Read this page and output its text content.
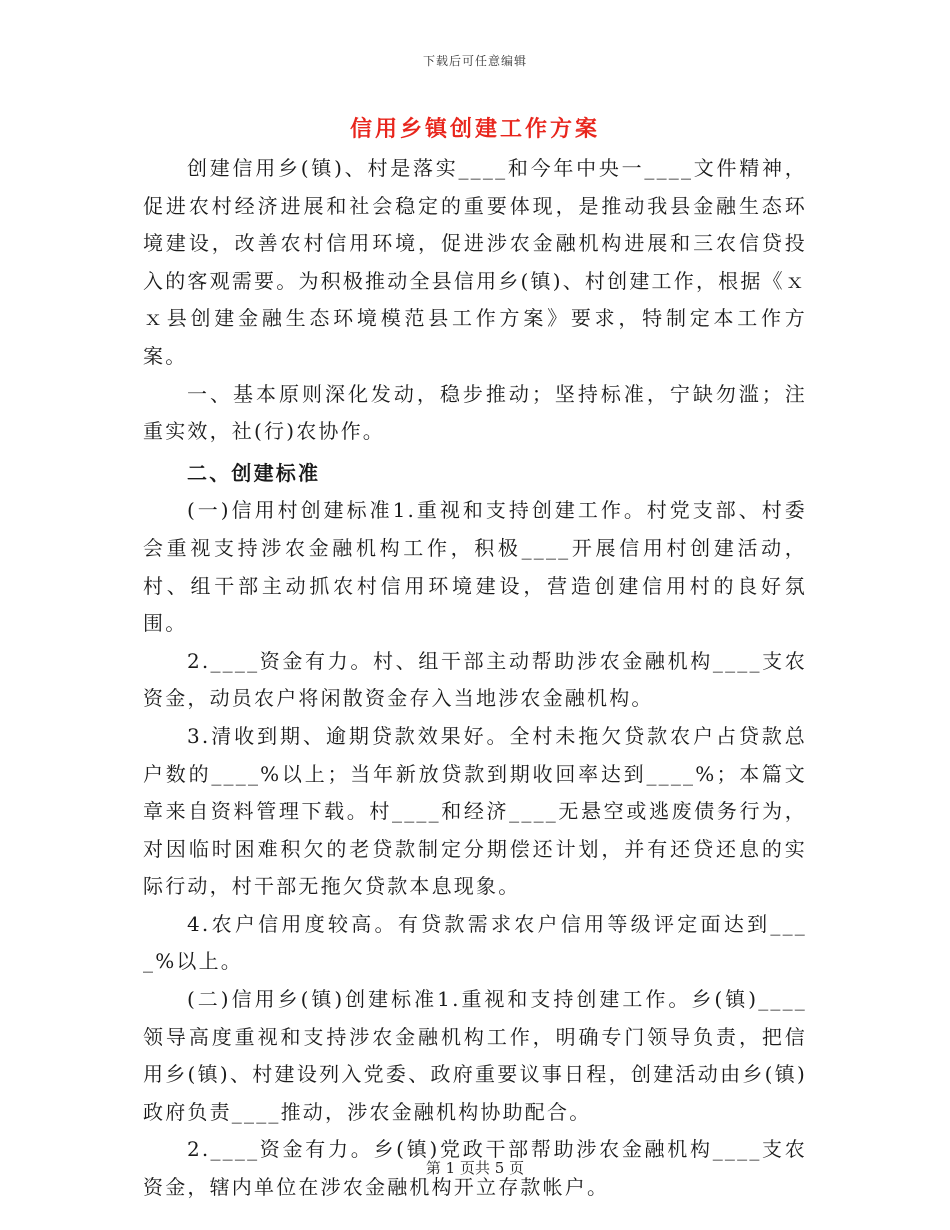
下载后可任意编辑
信用乡镇创建工作方案

创建信用乡(镇)、村是落实____和今年中央一____文件精神，促进农村经济进展和社会稳定的重要体现，是推动我县金融生态环境建设，改善农村信用环境，促进涉农金融机构进展和三农信贷投入的客观需要。为积极推动全县信用乡(镇)、村创建工作，根据《ｘｘ县创建金融生态环境模范县工作方案》要求，特制定本工作方案。

一、基本原则深化发动，稳步推动；坚持标准，宁缺勿滥；注重实效，社(行)农协作。

二、创建标准

(一)信用村创建标准1.重视和支持创建工作。村党支部、村委会重视支持涉农金融机构工作，积极____开展信用村创建活动，村、组干部主动抓农村信用环境建设，营造创建信用村的良好氛围。

2.____资金有力。村、组干部主动帮助涉农金融机构____支农资金，动员农户将闲散资金存入当地涉农金融机构。

3.清收到期、逾期贷款效果好。全村未拖欠贷款农户占贷款总户数的____%以上；当年新放贷款到期收回率达到____%；本篇文章来自资料管理下载。村____和经济____无悬空或逃废债务行为，对因临时困难积欠的老贷款制定分期偿还计划，并有还贷还息的实际行动，村干部无拖欠贷款本息现象。

4.农户信用度较高。有贷款需求农户信用等级评定面达到____%以上。

(二)信用乡(镇)创建标准1.重视和支持创建工作。乡(镇)____领导高度重视和支持涉农金融机构工作，明确专门领导负责，把信用乡(镇)、村建设列入党委、政府重要议事日程，创建活动由乡(镇)政府负责____推动，涉农金融机构协助配合。

2.____资金有力。乡(镇)党政干部帮助涉农金融机构____支农资金，辖内单位在涉农金融机构开立存款帐户。

第 1 页共 5 页
